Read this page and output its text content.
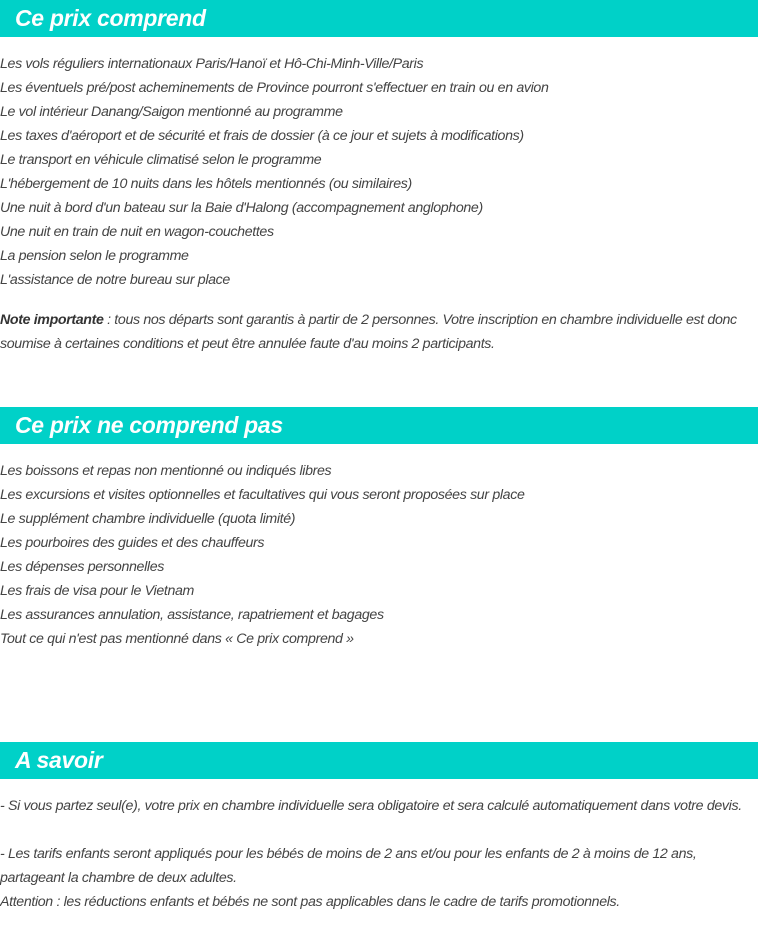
Ce prix comprend
Les vols réguliers internationaux Paris/Hanoï et Hô-Chi-Minh-Ville/Paris
Les éventuels pré/post acheminements de Province pourront s'effectuer en train ou en avion
Le vol intérieur Danang/Saigon mentionné au programme
Les taxes d'aéroport et de sécurité et frais de dossier (à ce jour et sujets à modifications)
Le transport en véhicule climatisé selon le programme
L'hébergement de 10 nuits dans les hôtels mentionnés (ou similaires)
Une nuit à bord d'un bateau sur la Baie d'Halong (accompagnement anglophone)
Une nuit en train de nuit en wagon-couchettes
La pension selon le programme
L'assistance de notre bureau sur place

Note importante : tous nos départs sont garantis à partir de 2 personnes. Votre inscription en chambre individuelle est donc soumise à certaines conditions et peut être annulée faute d'au moins 2 participants.

Ce prix ne comprend pas
Les boissons et repas non mentionné ou indiqués libres
Les excursions et visites optionnelles et facultatives qui vous seront proposées sur place
Le supplément chambre individuelle (quota limité)
Les pourboires des guides et des chauffeurs
Les dépenses personnelles
Les frais de visa pour le Vietnam
Les assurances annulation, assistance, rapatriement et bagages
Tout ce qui n'est pas mentionné dans « Ce prix comprend »
A savoir

- Si vous partez seul(e), votre prix en chambre individuelle sera obligatoire et sera calculé automatiquement dans votre devis.

- Les tarifs enfants seront appliqués pour les bébés de moins de 2 ans et/ou pour les enfants de 2 à moins de 12 ans, partageant la chambre de deux adultes.

Attention : les réductions enfants et bébés ne sont pas applicables dans le cadre de tarifs promotionnels.
